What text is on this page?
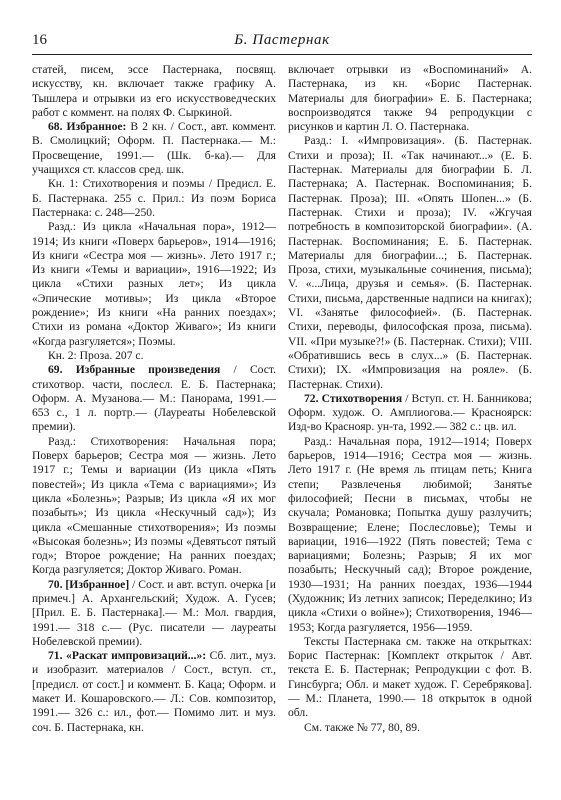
16	Б. Пастернак

статей, писем, эссе Пастернака, посвящ. искусству, кн. включает также графику А. Тышлера и отрывки из его искусствоведческих работ с коммент. на полях Ф. Сыркиной.

68. Избранное: В 2 кн. / Сост., авт. коммент. В. Смолицкий; Оформ. П. Пастернака.— М.: Просвещение, 1991.— (Шк. б-ка).— Для учащихся ст. классов сред. шк.

Кн. 1: Стихотворения и поэмы / Предисл. Е. Б. Пастернака. 255 с. Прил.: Из поэм Бориса Пастернака: с. 248—250.

Разд.: Из цикла «Начальная пора», 1912—1914; Из книги «Поверх барьеров», 1914—1916; Из книги «Сестра моя — жизнь». Лето 1917 г.; Из книги «Темы и вариации», 1916—1922; Из цикла «Стихи разных лет»; Из цикла «Эпические мотивы»; Из цикла «Второе рождение»; Из книги «На ранних поездах»; Стихи из романа «Доктор Живаго»; Из книги «Когда разгуляется»; Поэмы.

Кн. 2: Проза. 207 с.

69. Избранные произведения / Сост. стихотвор. части, послесл. Е. Б. Пастернака; Оформ. А. Музанова.— М.: Панорама, 1991.— 653 с., 1 л. портр.— (Лауреаты Нобелевской премии).

Разд.: Стихотворения: Начальная пора; Поверх барьеров; Сестра моя — жизнь. Лето 1917 г.; Темы и вариации (Из цикла «Пять повестей»; Из цикла «Тема с вариациями»; Из цикла «Болезнь»; Разрыв; Из цикла «Я их мог позабыть»; Из цикла «Нескучный сад»); Из цикла «Смешанные стихотворения»; Из поэмы «Высокая болезнь»; Из поэмы «Девятьсот пятый год»; Второе рождение; На ранних поездах; Когда разгуляется; Доктор Живаго. Роман.

70. [Избранное] / Сост. и авт. вступ. очерка [и примеч.] А. Архангельский; Худож. А. Гусев; [Прил. Е. Б. Пастернака].— М.: Мол. гвардия, 1991.— 318 с.— (Рус. писатели — лауреаты Нобелевской премии).

71. «Раскат импровизаций...»: Сб. лит., муз. и изобразит. материалов / Сост., вступ. ст., [предисл. от сост.] и коммент. Б. Каца; Оформ. и макет И. Кошаровского.— Л.: Сов. композитор, 1991.— 326 с.: ил., фот.— Помимо лит. и муз. соч. Б. Пастернака, кн.

включает отрывки из «Воспоминаний» А. Пастернака, из кн. «Борис Пастернак. Материалы для биографии» Е. Б. Пастернака; воспроизводятся также 94 репродукции с рисунков и картин Л. О. Пастернака.

Разд.: I. «Импровизация». (Б. Пастернак. Стихи и проза); II. «Так начинают...» (Е. Б. Пастернак. Материалы для биографии Б. Л. Пастернака; А. Пастернак. Воспоминания; Б. Пастернак. Проза); III. «Опять Шопен...» (Б. Пастернак. Стихи и проза); IV. «Жгучая потребность в композиторской биографии». (А. Пастернак. Воспоминания; Е. Б. Пастернак. Материалы для биографии...; Б. Пастернак. Проза, стихи, музыкальные сочинения, письма); V. «...Лица, друзья и семья». (Б. Пастернак. Стихи, письма, дарственные надписи на книгах); VI. «Занятье философией». (Б. Пастернак. Стихи, переводы, философская проза, письма). VII. «При музыке?!» (Б. Пастернак. Стихи); VIII. «Обратившись весь в слух...» (Б. Пастернак. Стихи); IX. «Импровизация на рояле». (Б. Пастернак. Стихи).

72. Стихотворения / Вступ. ст. Н. Банникова; Оформ. худож. О. Амплиогова.— Красноярск: Изд-во Краснояр. ун-та, 1992.— 382 с.: цв. ил.

Разд.: Начальная пора, 1912—1914; Поверх барьеров, 1914—1916; Сестра моя — жизнь. Лето 1917 г. (Не время ль птицам петь; Книга степи; Развлеченья любимой; Занятье философией; Песни в письмах, чтобы не скучала; Романовка; Попытка душу разлучить; Возвращение; Елене; Послесловье); Темы и вариации, 1916—1922 (Пять повестей; Тема с вариациями; Болезнь; Разрыв; Я их мог позабыть; Нескучный сад); Второе рождение, 1930—1931; На ранних поездах, 1936—1944 (Художник; Из летних записок; Переделкино; Из цикла «Стихи о войне»); Стихотворения, 1946—1953; Когда разгуляется, 1956—1959.

Тексты Пастернака см. также на открытках: Борис Пастернак: [Комплект открыток / Авт. текста Е. Б. Пастернак; Репродукции с фот. В. Гинсбурга; Обл. и макет худож. Г. Серебрякова].— М.: Планета, 1990.— 18 открыток в одной обл.

См. также № 77, 80, 89.
